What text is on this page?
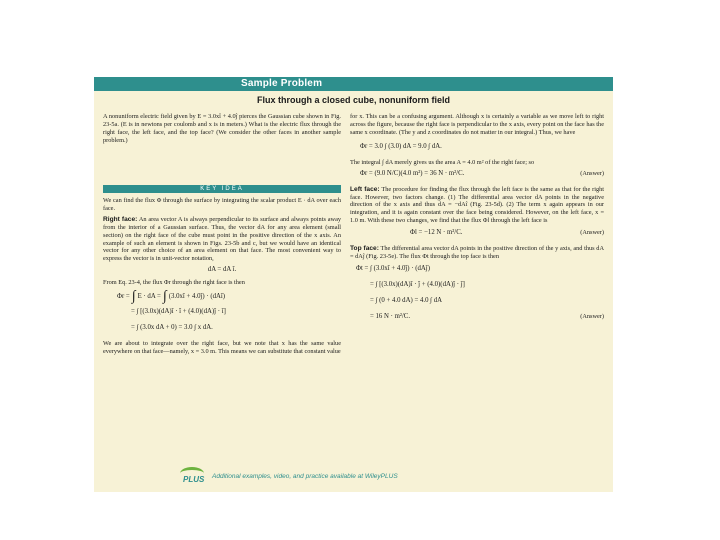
Sample Problem
Flux through a closed cube, nonuniform field

A nonuniform electric field given by E = 3.0xî + 4.0ĵ pierces the Gaussian cube shown in Fig. 23-5a. (E is in newtons per coulomb and x is in meters.) What is the electric flux through the right face, the left face, and the top face? (We consider the other faces in another sample problem.)

KEY IDEA

We can find the flux Φ through the surface by integrating the scalar product E · dA over each face.

Right face: An area vector A is always perpendicular to its surface and always points away from the interior of a Gaussian surface. Thus, the vector dA for any area element (small section) on the right face of the cube must point in the positive direction of the x axis. An example of such an element is shown in Figs. 23-5b and c, but we would have an identical vector for any other choice of an area element on that face. The most convenient way to express the vector is in unit-vector notation,

dA = dA î.

From Eq. 23-4, the flux Φr through the right face is then

Φr = ∫ E · dA = ∫ (3.0xî + 4.0ĵ) · (dAî)
= ∫ [(3.0x)(dA)î · î + (4.0)(dA)ĵ · î]
= ∫ (3.0x dA + 0) = 3.0 ∫ x dA.

We are about to integrate over the right face, but we note that x has the same value everywhere on that face—namely, x = 3.0 m. This means we can substitute that constant value

for x. This can be a confusing argument. Although x is certainly a variable as we move left to right across the figure, because the right face is perpendicular to the x axis, every point on the face has the same x coordinate. (The y and z coordinates do not matter in our integral.) Thus, we have

Φr = 3.0 ∫ (3.0) dA = 9.0 ∫ dA.

The integral ∫ dA merely gives us the area A = 4.0 m² of the right face; so

Φr = (9.0 N/C)(4.0 m²) = 36 N · m²/C.	(Answer)

Left face: The procedure for finding the flux through the left face is the same as that for the right face. However, two factors change. (1) The differential area vector dA points in the negative direction of the x axis and thus dA = −dAî (Fig. 23-5d). (2) The term x again appears in our integration, and it is again constant over the face being considered. However, on the left face, x = 1.0 m. With these two changes, we find that the flux Φl through the left face is

Φl = −12 N · m²/C.	(Answer)

Top face: The differential area vector dA points in the positive direction of the y axis, and thus dA = dAĵ (Fig. 23-5e). The flux Φt through the top face is then

Φt = ∫ (3.0xî + 4.0ĵ) · (dAĵ)
= ∫ [(3.0x)(dA)î · ĵ + (4.0)(dA)ĵ · ĵ]
= ∫ (0 + 4.0 dA) = 4.0 ∫ dA
= 16 N · m²/C.	(Answer)
PLUS Additional examples, video, and practice available at WileyPLUS
